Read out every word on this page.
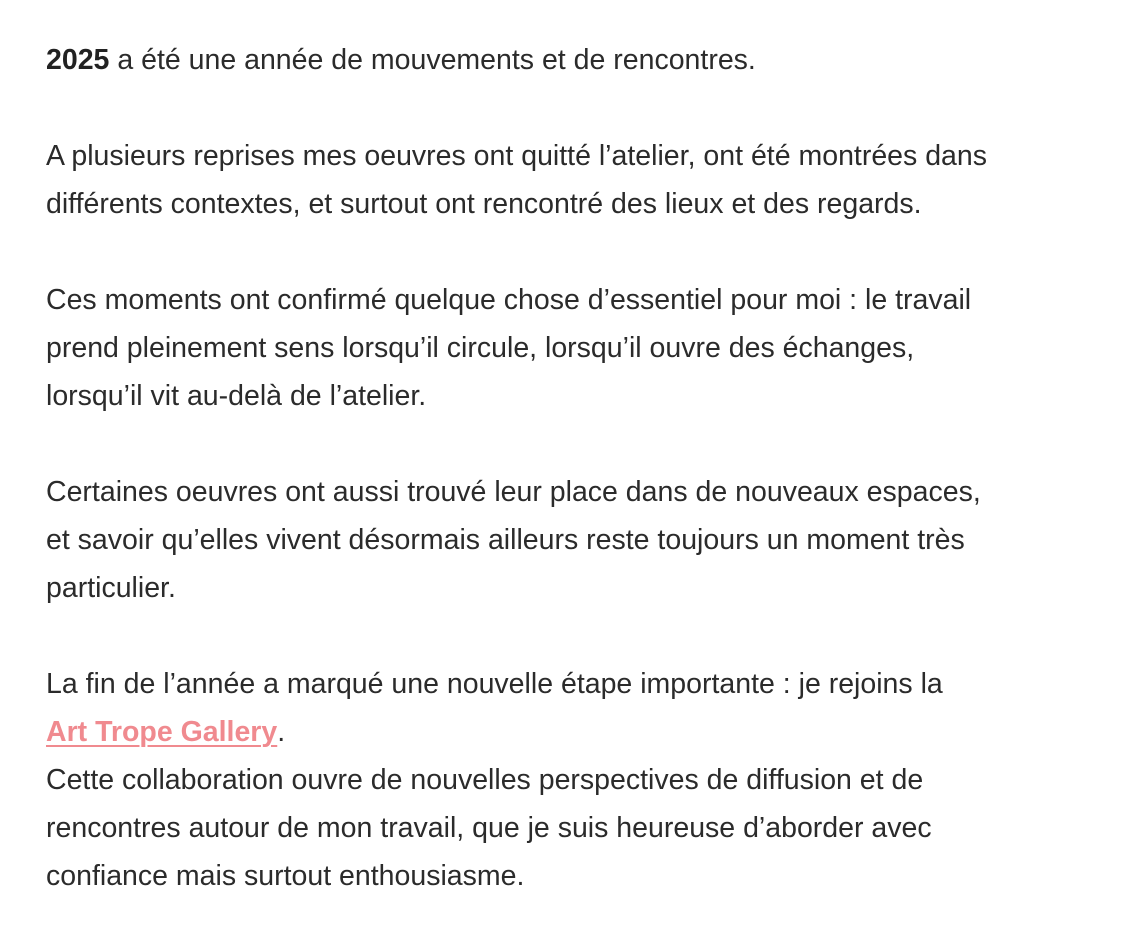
2025 a été une année de mouvements et de rencontres.

A plusieurs reprises mes oeuvres ont quitté l’atelier, ont été montrées dans
différents contextes, et surtout ont rencontré des lieux et des regards.

Ces moments ont confirmé quelque chose d’essentiel pour moi : le travail
prend pleinement sens lorsqu’il circule, lorsqu’il ouvre des échanges,
lorsqu’il vit au-delà de l’atelier.

Certaines oeuvres ont aussi trouvé leur place dans de nouveaux espaces,
et savoir qu’elles vivent désormais ailleurs reste toujours un moment très
particulier.

La fin de l’année a marqué une nouvelle étape importante : je rejoins la
Art Trope Gallery.
Cette collaboration ouvre de nouvelles perspectives de diffusion et de
rencontres autour de mon travail, que je suis heureuse d’aborder avec
confiance mais surtout enthousiasme.
